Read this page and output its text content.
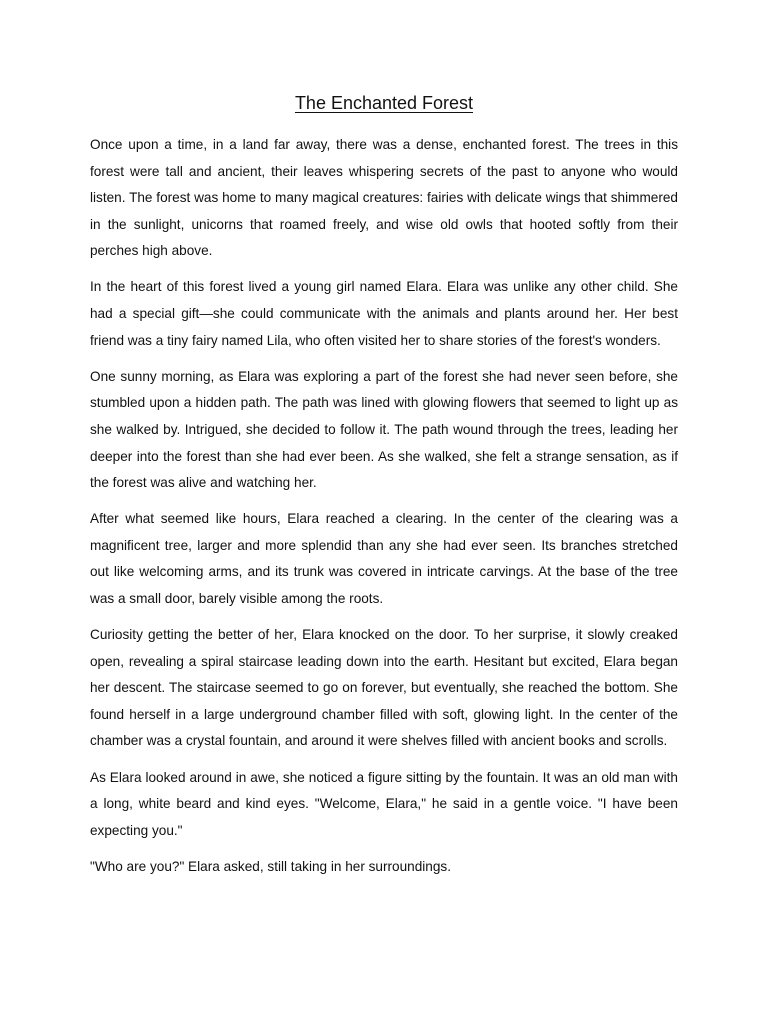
The Enchanted Forest

Once upon a time, in a land far away, there was a dense, enchanted forest. The trees in this forest were tall and ancient, their leaves whispering secrets of the past to anyone who would listen. The forest was home to many magical creatures: fairies with delicate wings that shimmered in the sunlight, unicorns that roamed freely, and wise old owls that hooted softly from their perches high above.

In the heart of this forest lived a young girl named Elara. Elara was unlike any other child. She had a special gift—she could communicate with the animals and plants around her. Her best friend was a tiny fairy named Lila, who often visited her to share stories of the forest's wonders.

One sunny morning, as Elara was exploring a part of the forest she had never seen before, she stumbled upon a hidden path. The path was lined with glowing flowers that seemed to light up as she walked by. Intrigued, she decided to follow it. The path wound through the trees, leading her deeper into the forest than she had ever been. As she walked, she felt a strange sensation, as if the forest was alive and watching her.

After what seemed like hours, Elara reached a clearing. In the center of the clearing was a magnificent tree, larger and more splendid than any she had ever seen. Its branches stretched out like welcoming arms, and its trunk was covered in intricate carvings. At the base of the tree was a small door, barely visible among the roots.

Curiosity getting the better of her, Elara knocked on the door. To her surprise, it slowly creaked open, revealing a spiral staircase leading down into the earth. Hesitant but excited, Elara began her descent. The staircase seemed to go on forever, but eventually, she reached the bottom. She found herself in a large underground chamber filled with soft, glowing light. In the center of the chamber was a crystal fountain, and around it were shelves filled with ancient books and scrolls.

As Elara looked around in awe, she noticed a figure sitting by the fountain. It was an old man with a long, white beard and kind eyes. "Welcome, Elara," he said in a gentle voice. "I have been expecting you."

"Who are you?" Elara asked, still taking in her surroundings.
